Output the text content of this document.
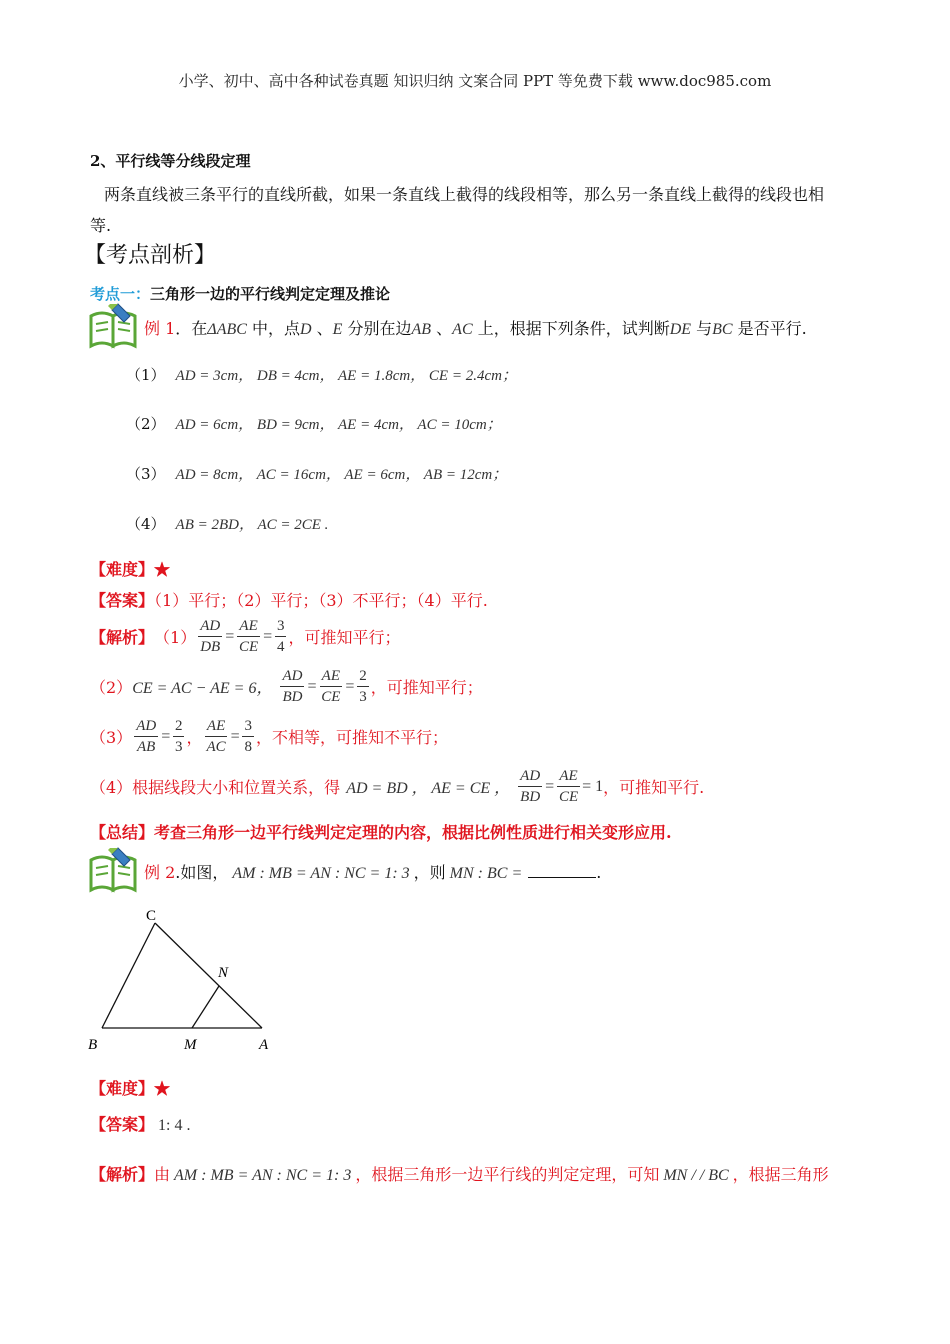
小学、初中、高中各种试卷真题 知识归纳 文案合同 PPT 等免费下载 www.doc985.com
2、平行线等分线段定理
两条直线被三条平行的直线所截，如果一条直线上截得的线段相等，那么另一条直线上截得的线段也相
等.
【考点剖析】
考点一：三角形一边的平行线判定定理及推论
例 1．在ΔABC 中，点D 、E 分别在边AB 、AC 上，根据下列条件，试判断DE 与BC 是否平行.
（1） AD = 3cm， DB = 4cm， AE = 1.8cm， CE = 2.4cm；
（2） AD = 6cm， BD = 9cm， AE = 4cm， AC = 10cm；
（3） AD = 8cm， AC = 16cm， AE = 6cm， AB = 12cm；
（4） AB = 2BD， AC = 2CE .
【难度】★
【答案】（1）平行；（2）平行；（3）不平行；（4）平行.
【解析】 $(1) \frac{AD}{DB} = \frac{AE}{CE} = \frac{3}{4}$ ，可推知平行；
（2） CE = AC − AE = 6， $\frac{AD}{BD} = \frac{AE}{CE} = \frac{2}{3}$ ，可推知平行；
$(3) \frac{AD}{AB} = \frac{2}{3}$ ， $\frac{AE}{AC} = \frac{3}{8}$ ，不相等，可推知不平行；
（4）根据线段大小和位置关系，得 AD = BD ， AE = CE ， $\frac{AD}{BD} = \frac{AE}{CE} = 1$ ，可推知平行.
【总结】考查三角形一边平行线判定定理的内容，根据比例性质进行相关变形应用.
例 2.如图， AM : MB = AN : NC = 1: 3 ，则 MN : BC =	.
C
N
B	M	A
【难度】★
【答案】 1: 4 .
【解析】由 AM : MB = AN : NC = 1: 3 ，根据三角形一边平行线的判定定理，可知 MN / / BC ，根据三角形
